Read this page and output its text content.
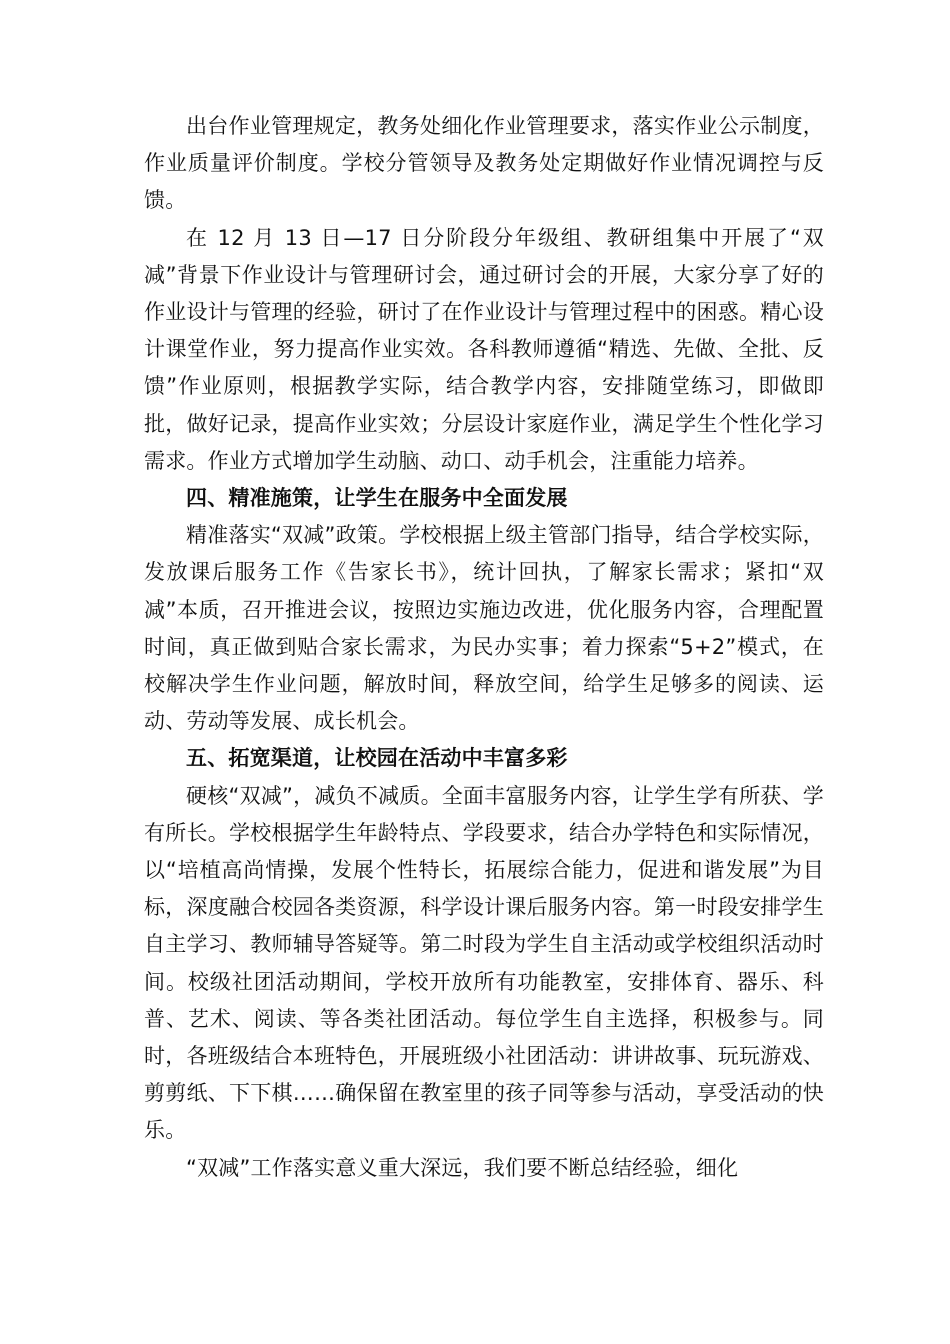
出台作业管理规定，教务处细化作业管理要求，落实作业公示制度，作业质量评价制度。学校分管领导及教务处定期做好作业情况调控与反馈。

在 12 月 13 日—17 日分阶段分年级组、教研组集中开展了“双减”背景下作业设计与管理研讨会，通过研讨会的开展，大家分享了好的作业设计与管理的经验，研讨了在作业设计与管理过程中的困惑。精心设计课堂作业，努力提高作业实效。各科教师遵循“精选、先做、全批、反馈”作业原则，根据教学实际，结合教学内容，安排随堂练习，即做即批，做好记录，提高作业实效；分层设计家庭作业，满足学生个性化学习需求。作业方式增加学生动脑、动口、动手机会，注重能力培养。

四、精准施策，让学生在服务中全面发展

精准落实“双减”政策。学校根据上级主管部门指导，结合学校实际，发放课后服务工作《告家长书》，统计回执，了解家长需求；紧扣“双减”本质，召开推进会议，按照边实施边改进，优化服务内容，合理配置时间，真正做到贴合家长需求，为民办实事；着力探索“5+2”模式，在校解决学生作业问题，解放时间，释放空间，给学生足够多的阅读、运动、劳动等发展、成长机会。

五、拓宽渠道，让校园在活动中丰富多彩

硬核“双减”，减负不减质。全面丰富服务内容，让学生学有所获、学有所长。学校根据学生年龄特点、学段要求，结合办学特色和实际情况，以“培植高尚情操，发展个性特长，拓展综合能力，促进和谐发展”为目标，深度融合校园各类资源，科学设计课后服务内容。第一时段安排学生自主学习、教师辅导答疑等。第二时段为学生自主活动或学校组织活动时间。校级社团活动期间，学校开放所有功能教室，安排体育、器乐、科普、艺术、阅读、等各类社团活动。每位学生自主选择，积极参与。同时，各班级结合本班特色，开展班级小社团活动：讲讲故事、玩玩游戏、剪剪纸、下下棋……确保留在教室里的孩子同等参与活动，享受活动的快乐。

“双减”工作落实意义重大深远，我们要不断总结经验，细化
